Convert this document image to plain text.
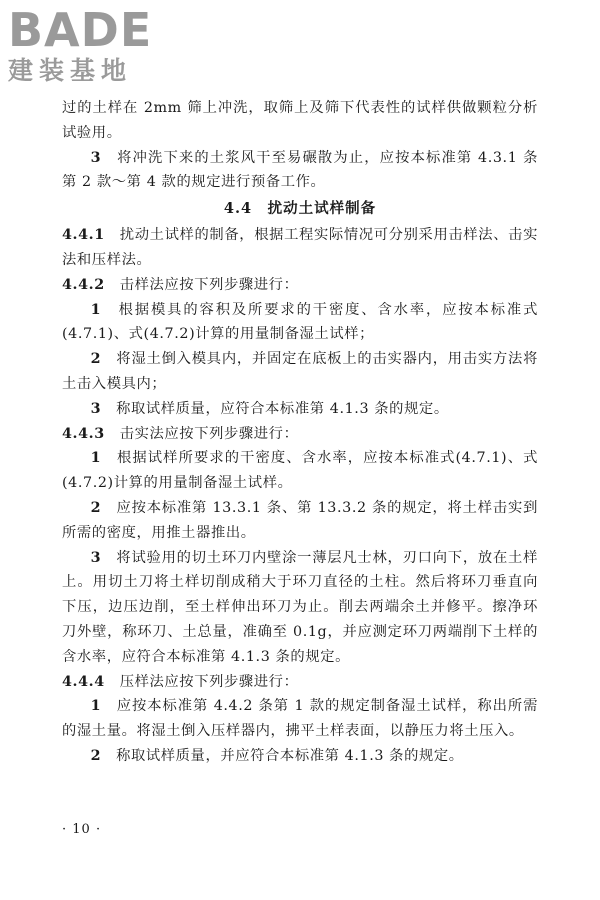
BADE
建装基地

过的土样在 2mm 筛上冲洗，取筛上及筛下代表性的试样供做颗粒分析试验用。

3　 将冲洗下来的土浆风干至易碾散为止，应按本标准第 4.3.1 条第 2 款～第 4 款的规定进行预备工作。

4.4　扰动土试样制备

4.4.1　 扰动土试样的制备，根据工程实际情况可分别采用击样法、击实法和压样法。

4.4.2　 击样法应按下列步骤进行：

1　 根据模具的容积及所要求的干密度、含水率，应按本标准式(4.7.1)、式(4.7.2)计算的用量制备湿土试样；

2　 将湿土倒入模具内，并固定在底板上的击实器内，用击实方法将土击入模具内；

3　 称取试样质量，应符合本标准第 4.1.3 条的规定。

4.4.3　 击实法应按下列步骤进行：

1　 根据试样所要求的干密度、含水率，应按本标准式(4.7.1)、式(4.7.2)计算的用量制备湿土试样。

2　 应按本标准第 13.3.1 条、第 13.3.2 条的规定，将土样击实到所需的密度，用推土器推出。

3　 将试验用的切土环刀内壁涂一薄层凡士林，刃口向下，放在土样上。用切土刀将土样切削成稍大于环刀直径的土柱。然后将环刀垂直向下压，边压边削，至土样伸出环刀为止。削去两端余土并修平。擦净环刀外壁，称环刀、土总量，准确至 0.1g，并应测定环刀两端削下土样的含水率，应符合本标准第 4.1.3 条的规定。

4.4.4　 压样法应按下列步骤进行：

1　 应按本标准第 4.4.2 条第 1 款的规定制备湿土试样，称出所需的湿土量。将湿土倒入压样器内，拂平土样表面，以静压力将土压入。

2　 称取试样质量，并应符合本标准第 4.1.3 条的规定。

· 10 ·
